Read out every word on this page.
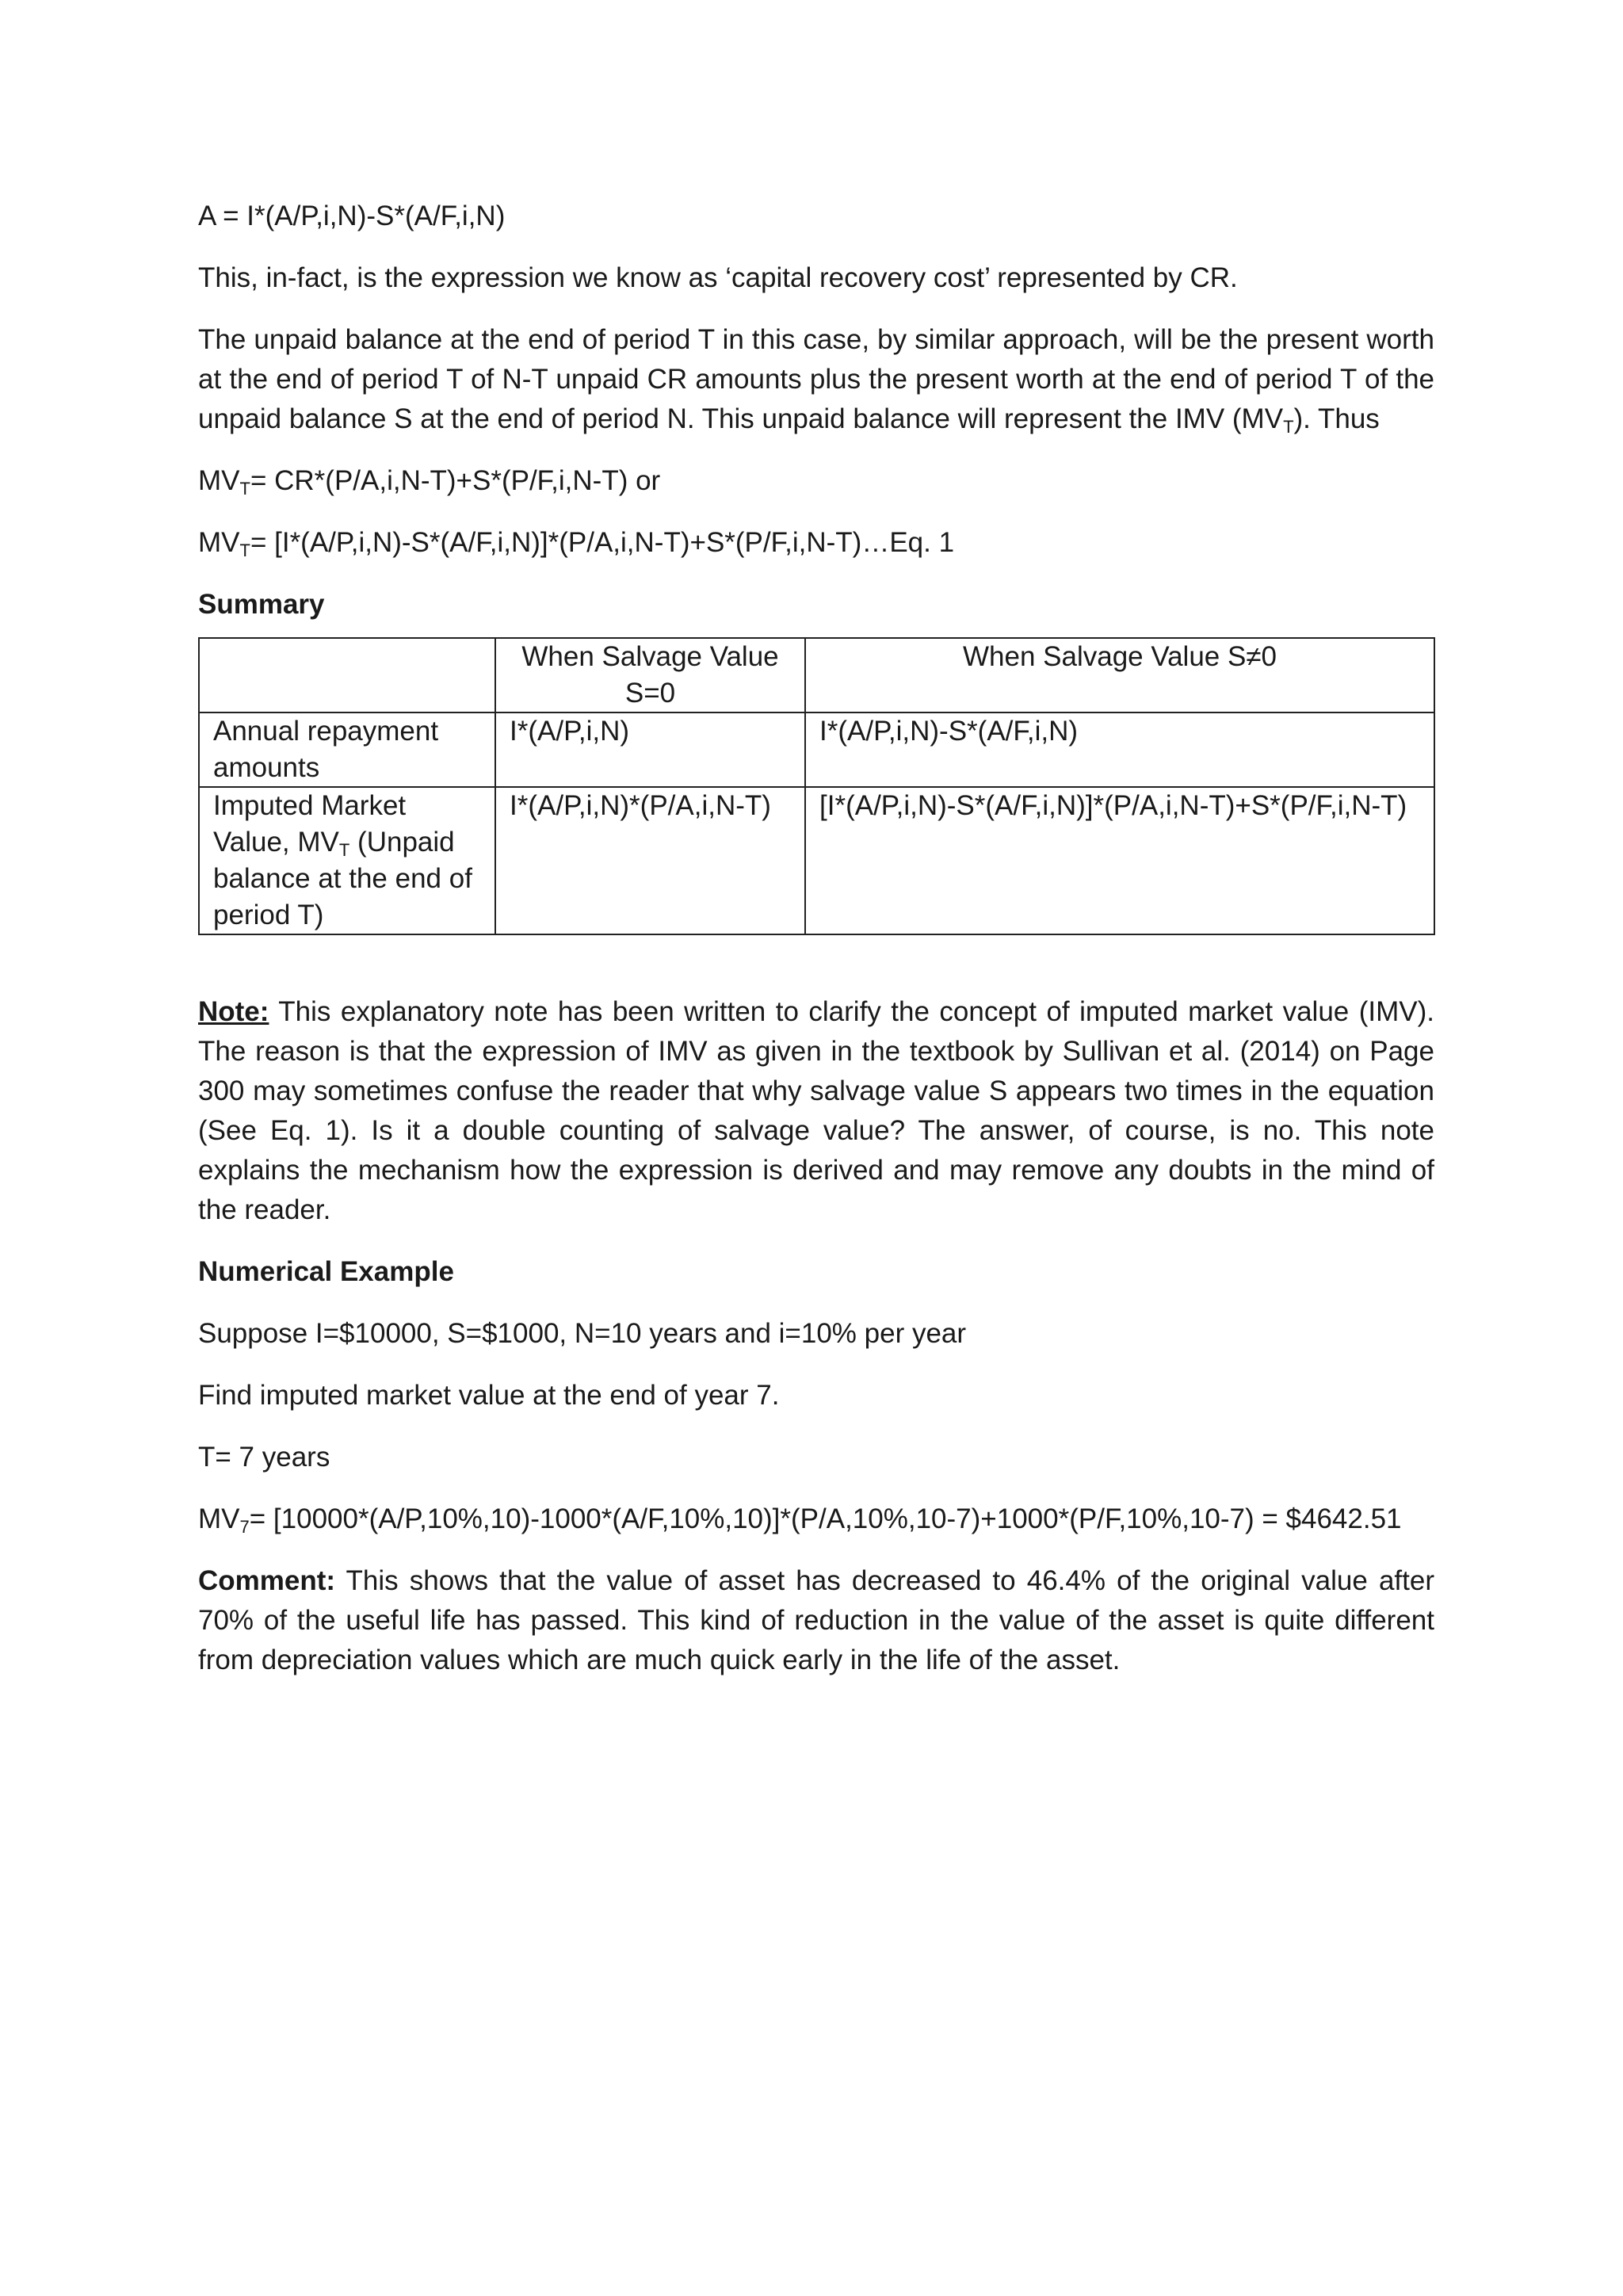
A = I*(A/P,i,N)-S*(A/F,i,N)

This, in-fact, is the expression we know as ‘capital recovery cost’ represented by CR.

The unpaid balance at the end of period T in this case, by similar approach, will be the present worth at the end of period T of N-T unpaid CR amounts plus the present worth at the end of period T of the unpaid balance S at the end of period N. This unpaid balance will represent the IMV $(MV_T)$. Thus

$MV_T= CR*(P/A,i,N-T)+S*(P/F,i,N-T)$ or

$MV_T=$ [I*(A/P,i,N)-S*(A/F,i,N)]*(P/A,i,N-T)+S*(P/F,i,N-T)…Eq. 1

Summary

	When Salvage Value S=0	When Salvage Value S≠0
Annual repayment amounts	I*(A/P,i,N)	I*(A/P,i,N)-S*(A/F,i,N)
Imputed Market Value, $MV_T$ (Unpaid balance at the end of period T)	I*(A/P,i,N)*(P/A,i,N-T)	[I*(A/P,i,N)-S*(A/F,i,N)]*(P/A,i,N-T)+S*(P/F,i,N-T)

Note: This explanatory note has been written to clarify the concept of imputed market value (IMV). The reason is that the expression of IMV as given in the textbook by Sullivan et al. (2014) on Page 300 may sometimes confuse the reader that why salvage value S appears two times in the equation (See Eq. 1). Is it a double counting of salvage value? The answer, of course, is no. This note explains the mechanism how the expression is derived and may remove any doubts in the mind of the reader.

Numerical Example

Suppose I=$10000, S=$1000, N=10 years and i=10% per year

Find imputed market value at the end of year 7.

T= 7 years

$MV_7= [10000*(A/P,10\%,10)-1000*(A/F,10\%,10)]*(P/A,10\%,10-7)+1000*(P/F,10\%,10-7)$ = $4642.51

Comment: This shows that the value of asset has decreased to 46.4% of the original value after 70% of the useful life has passed. This kind of reduction in the value of the asset is quite different from depreciation values which are much quick early in the life of the asset.
